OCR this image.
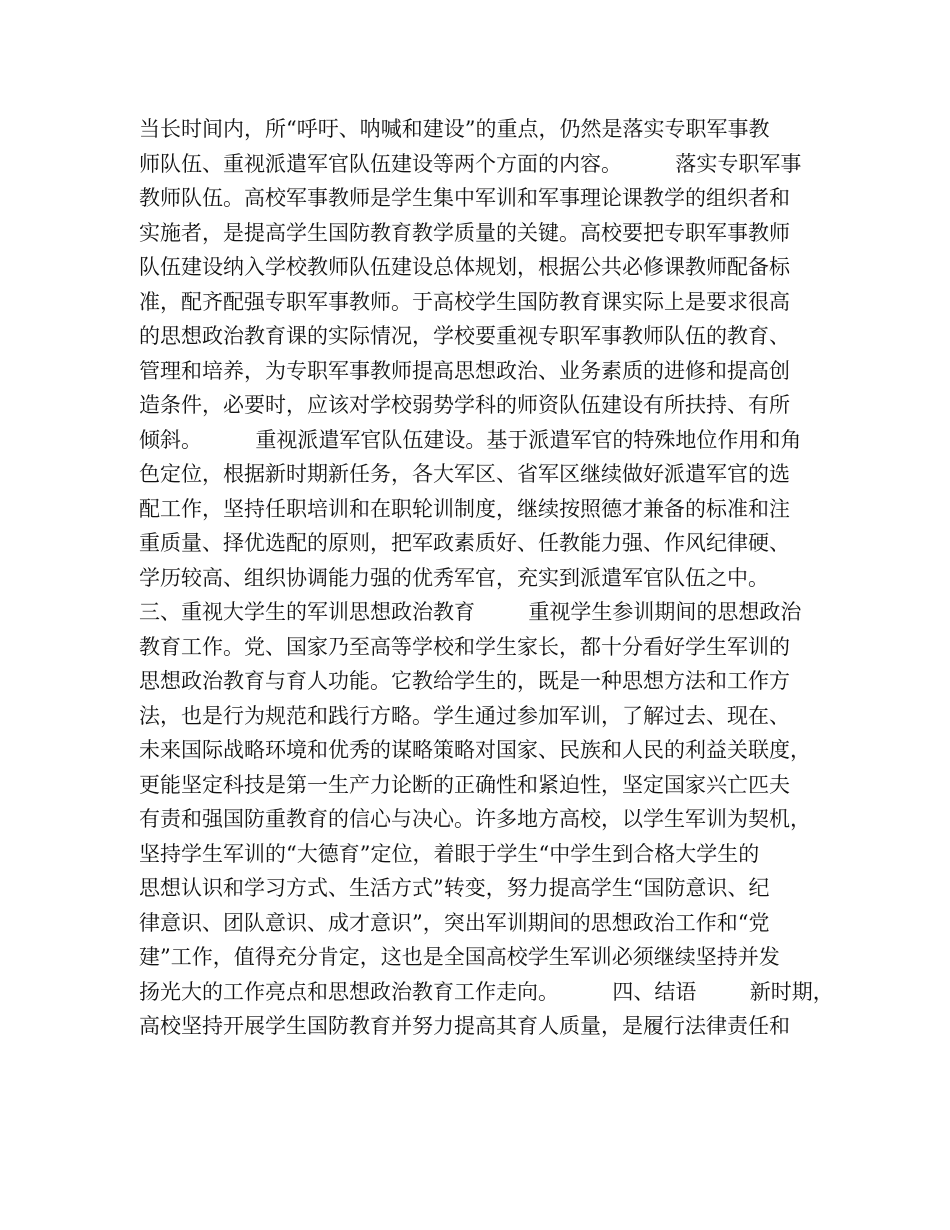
当长时间内，所“呼吁、呐喊和建设”的重点，仍然是落实专职军事教
师队伍、重视派遣军官队伍建设等两个方面的内容。        落实专职军事
教师队伍。高校军事教师是学生集中军训和军事理论课教学的组织者和
实施者，是提高学生国防教育教学质量的关键。高校要把专职军事教师
队伍建设纳入学校教师队伍建设总体规划，根据公共必修课教师配备标
准，配齐配强专职军事教师。于高校学生国防教育课实际上是要求很高
的思想政治教育课的实际情况，学校要重视专职军事教师队伍的教育、
管理和培养，为专职军事教师提高思想政治、业务素质的进修和提高创
造条件，必要时，应该对学校弱势学科的师资队伍建设有所扶持、有所
倾斜。        重视派遣军官队伍建设。基于派遣军官的特殊地位作用和角
色定位，根据新时期新任务，各大军区、省军区继续做好派遣军官的选
配工作，坚持任职培训和在职轮训制度，继续按照德才兼备的标准和注
重质量、择优选配的原则，把军政素质好、任教能力强、作风纪律硬、
学历较高、组织协调能力强的优秀军官，充实到派遣军官队伍之中。
三、重视大学生的军训思想政治教育        重视学生参训期间的思想政治
教育工作。党、国家乃至高等学校和学生家长，都十分看好学生军训的
思想政治教育与育人功能。它教给学生的，既是一种思想方法和工作方
法，也是行为规范和践行方略。学生通过参加军训，了解过去、现在、
未来国际战略环境和优秀的谋略策略对国家、民族和人民的利益关联度，
更能坚定科技是第一生产力论断的正确性和紧迫性，坚定国家兴亡匹夫
有责和强国防重教育的信心与决心。许多地方高校，以学生军训为契机，
坚持学生军训的“大德育”定位，着眼于学生“中学生到合格大学生的
思想认识和学习方式、生活方式”转变，努力提高学生“国防意识、纪
律意识、团队意识、成才意识”，突出军训期间的思想政治工作和“党
建”工作，值得充分肯定，这也是全国高校学生军训必须继续坚持并发
扬光大的工作亮点和思想政治教育工作走向。        四、结语        新时期，
高校坚持开展学生国防教育并努力提高其育人质量，是履行法律责任和
